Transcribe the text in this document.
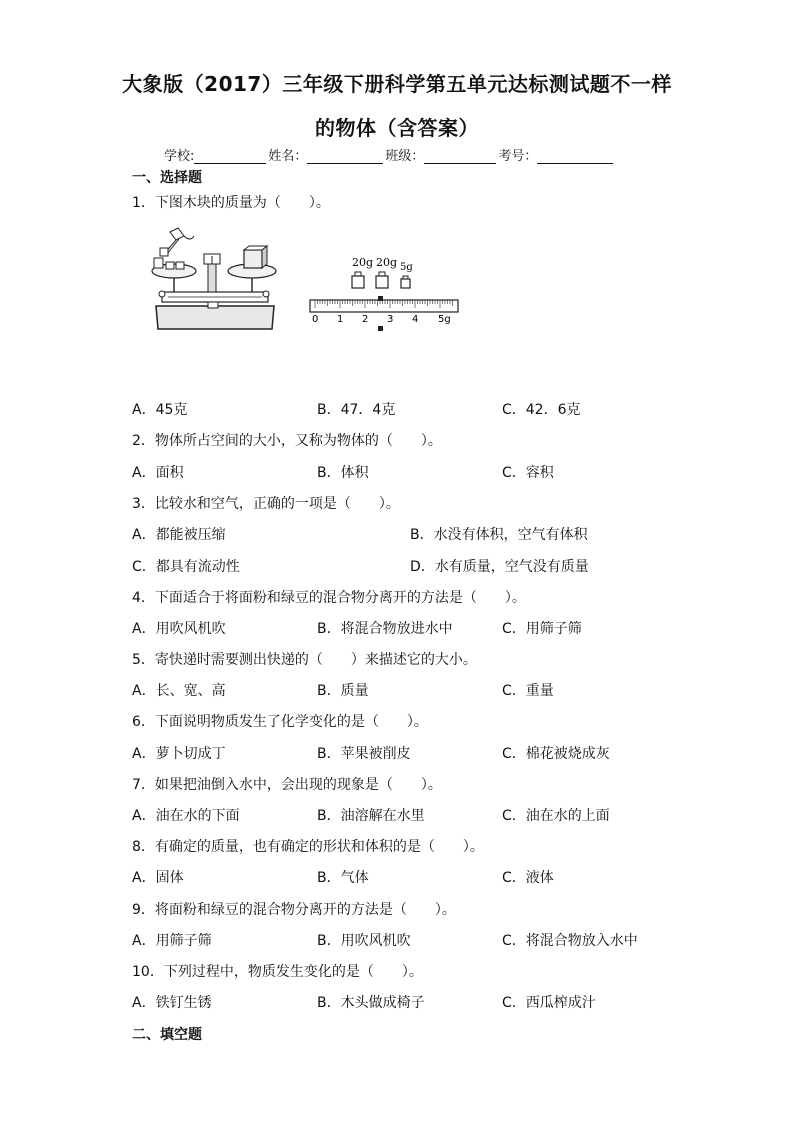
大象版（2017）三年级下册科学第五单元达标测试题不一样
的物体（含答案）
学校:	姓名：	班级：	考号：
一、选择题
1．下图木块的质量为（　　）。
20g 20g 5g
0 1 2 3 4 5g
A．45克	B．47．4克	C．42．6克
2．物体所占空间的大小，又称为物体的（　　）。
A．面积	B．体积	C．容积
3．比较水和空气，正确的一项是（　　）。
A．都能被压缩	B．水没有体积，空气有体积
C．都具有流动性	D．水有质量，空气没有质量
4．下面适合于将面粉和绿豆的混合物分离开的方法是（　　）。
A．用吹风机吹	B．将混合物放进水中	C．用筛子筛
5．寄快递时需要测出快递的（　　）来描述它的大小。
A．长、宽、高	B．质量	C．重量
6．下面说明物质发生了化学变化的是（　　）。
A．萝卜切成丁	B．苹果被削皮	C．棉花被烧成灰
7．如果把油倒入水中，会出现的现象是（　　）。
A．油在水的下面	B．油溶解在水里	C．油在水的上面
8．有确定的质量，也有确定的形状和体积的是（　　）。
A．固体	B．气体	C．液体
9．将面粉和绿豆的混合物分离开的方法是（　　）。
A．用筛子筛	B．用吹风机吹	C．将混合物放入水中
10．下列过程中，物质发生变化的是（　　）。
A．铁钉生锈	B．木头做成椅子	C．西瓜榨成汁
二、填空题
